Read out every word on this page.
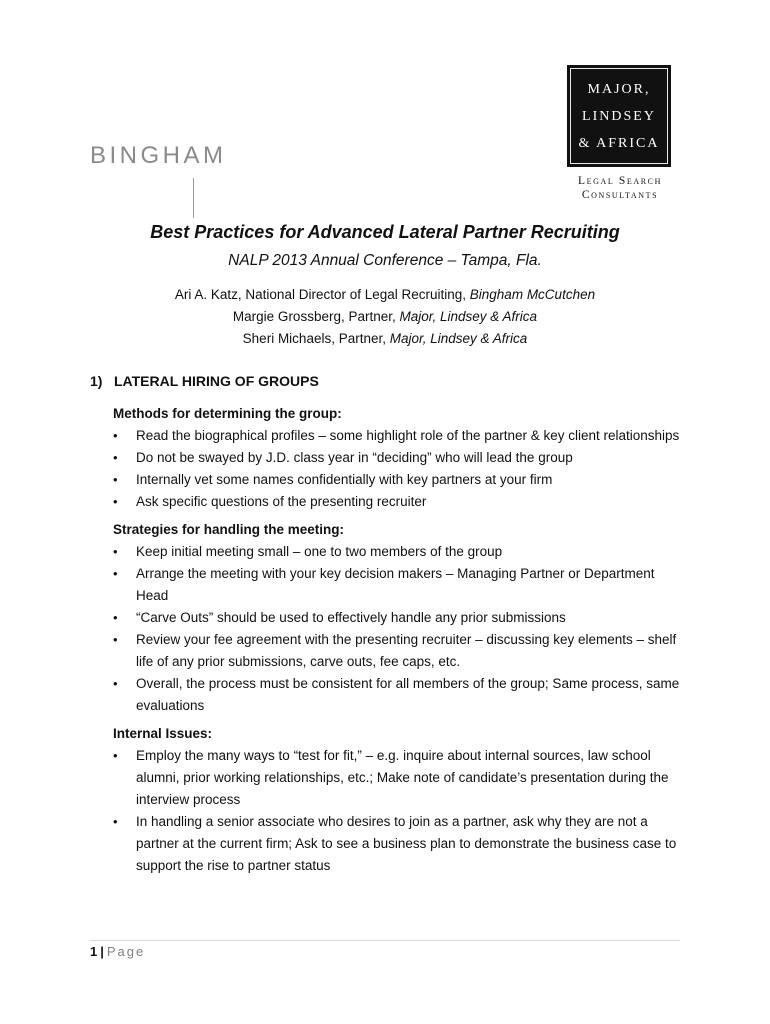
BINGHAM
MAJOR,
LINDSEY
& AFRICA
Legal Search
Consultants
Best Practices for Advanced Lateral Partner Recruiting
NALP 2013 Annual Conference – Tampa, Fla.
Ari A. Katz, National Director of Legal Recruiting, Bingham McCutchen
Margie Grossberg, Partner, Major, Lindsey & Africa
Sheri Michaels, Partner, Major, Lindsey & Africa
1) LATERAL HIRING OF GROUPS
Methods for determining the group:
• Read the biographical profiles – some highlight role of the partner & key client relationships
• Do not be swayed by J.D. class year in “deciding” who will lead the group
• Internally vet some names confidentially with key partners at your firm
• Ask specific questions of the presenting recruiter
Strategies for handling the meeting:
• Keep initial meeting small – one to two members of the group
• Arrange the meeting with your key decision makers – Managing Partner or Department Head
• “Carve Outs” should be used to effectively handle any prior submissions
• Review your fee agreement with the presenting recruiter – discussing key elements – shelf life of any prior submissions, carve outs, fee caps, etc.
• Overall, the process must be consistent for all members of the group; Same process, same evaluations
Internal Issues:
• Employ the many ways to “test for fit,” – e.g. inquire about internal sources, law school alumni, prior working relationships, etc.; Make note of candidate’s presentation during the interview process
• In handling a senior associate who desires to join as a partner, ask why they are not a partner at the current firm; Ask to see a business plan to demonstrate the business case to support the rise to partner status
1 | Page
